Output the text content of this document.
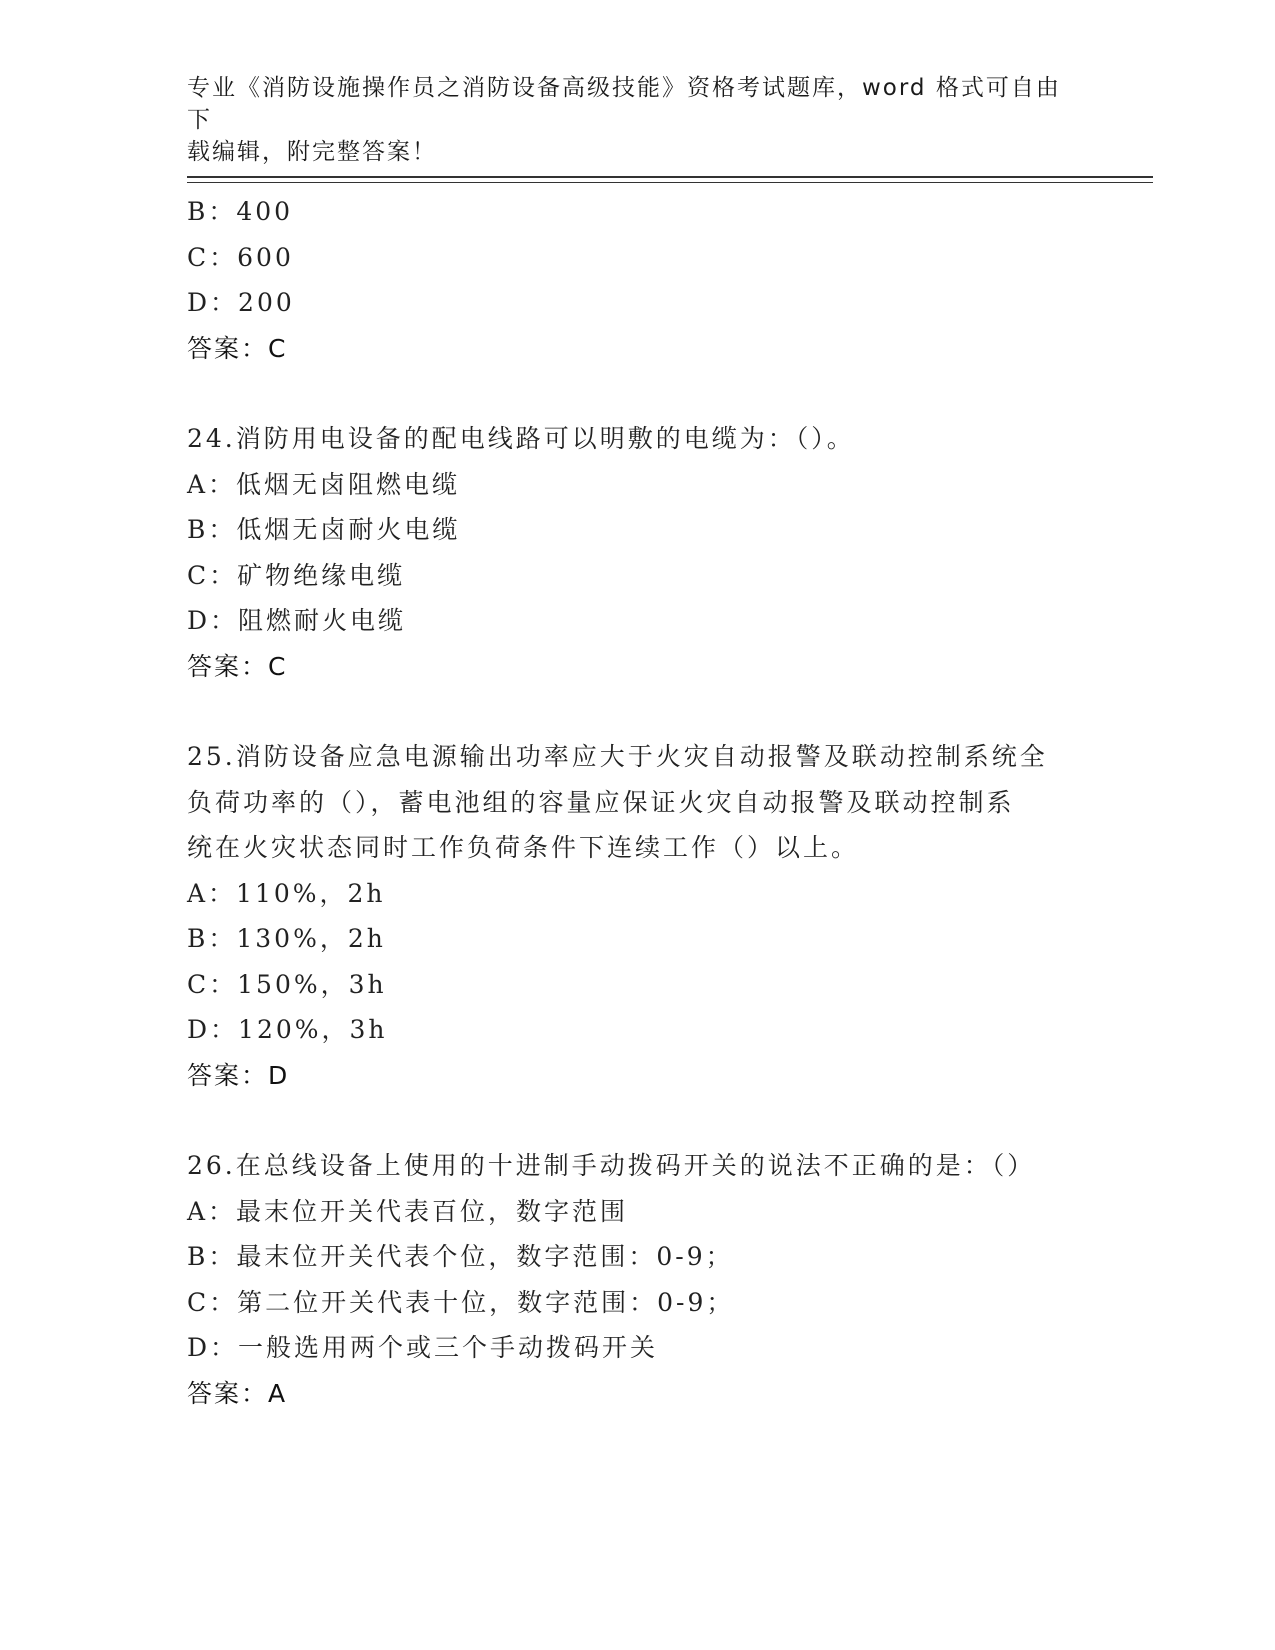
专业《消防设施操作员之消防设备高级技能》资格考试题库，word 格式可自由下
载编辑，附完整答案！
B：400
C：600
D：200
答案：C
24.消防用电设备的配电线路可以明敷的电缆为：（）。
A：低烟无卤阻燃电缆
B：低烟无卤耐火电缆
C：矿物绝缘电缆
D：阻燃耐火电缆
答案：C
25.消防设备应急电源输出功率应大于火灾自动报警及联动控制系统全
负荷功率的（），蓄电池组的容量应保证火灾自动报警及联动控制系
统在火灾状态同时工作负荷条件下连续工作（）以上。
A：110%，2h
B：130%，2h
C：150%，3h
D：120%，3h
答案：D
26.在总线设备上使用的十进制手动拨码开关的说法不正确的是：（）
A：最末位开关代表百位，数字范围
B：最末位开关代表个位，数字范围：0-9；
C：第二位开关代表十位，数字范围：0-9；
D：一般选用两个或三个手动拨码开关
答案：A
